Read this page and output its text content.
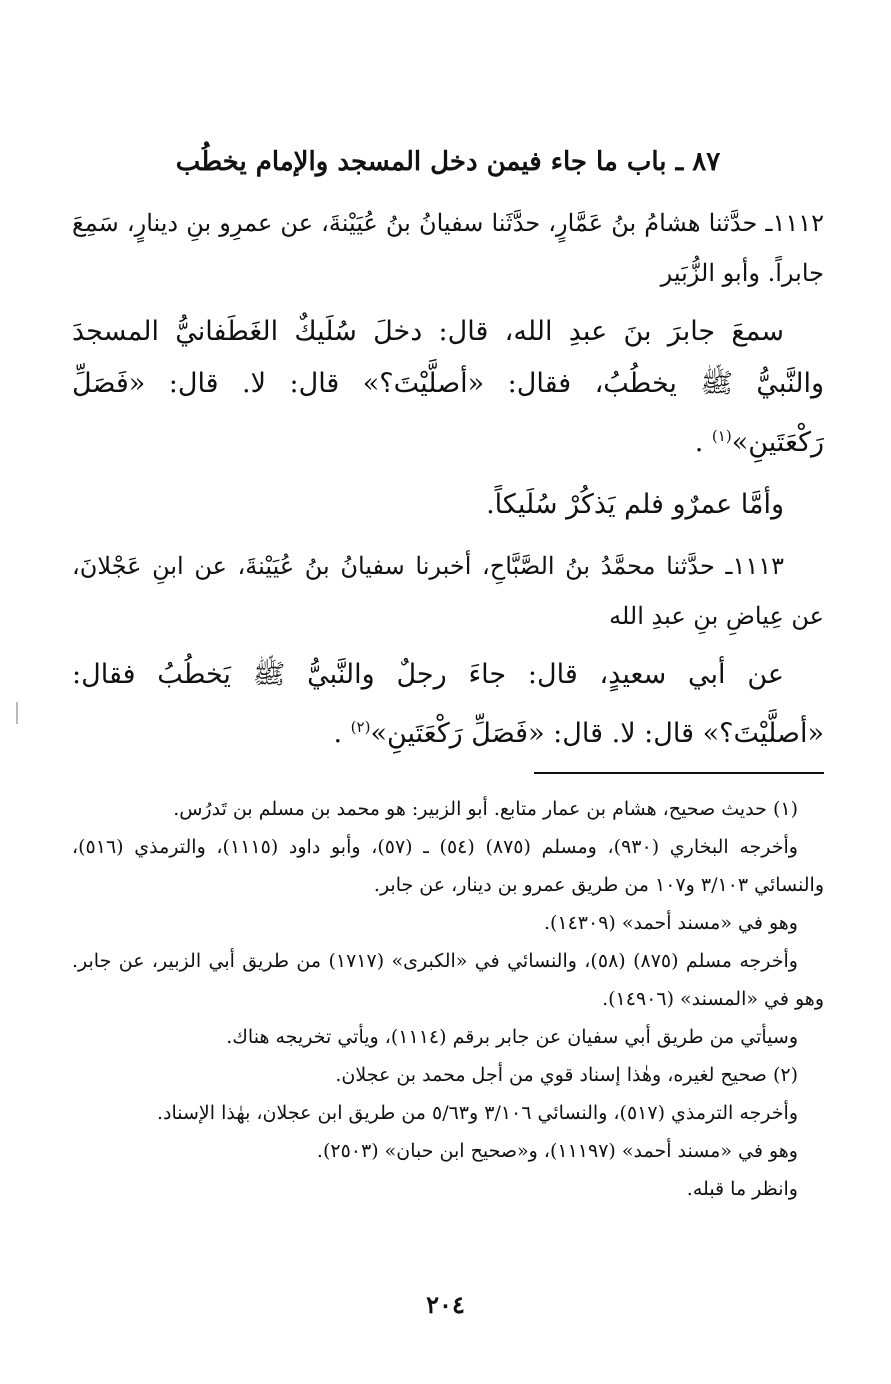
٨٧ ـ باب ما جاء فيمن دخل المسجد والإمام يخطُب

١١١٢ـ حدَّثنا هشامُ بنُ عَمَّارٍ، حدَّثَنا سفيانُ بنُ عُيَيْنةَ، عن عمرِو بنِ دينارٍ، سَمِعَ جابراً. وأبو الزُّبَير

سمعَ جابرَ بنَ عبدِ الله، قال: دخلَ سُلَيكٌ الغَطَفانيُّ المسجدَ والنَّبيُّ ﷺ يخطُبُ، فقال: «أصلَّيْتَ؟» قال: لا. قال: «فَصَلِّ رَكْعَتَينِ»$^{(١)}$ .

وأمَّا عمرٌو فلم يَذكُرْ سُلَيكاً.

١١١٣ـ حدَّثنا محمَّدُ بنُ الصَّبَّاحِ، أخبرنا سفيانُ بنُ عُيَيْنةَ، عن ابنِ عَجْلانَ، عن عِياضِ بنِ عبدِ الله

عن أبي سعيدٍ، قال: جاءَ رجلٌ والنَّبيُّ ﷺ يَخطُبُ فقال: «أصلَّيْتَ؟» قال: لا. قال: «فَصَلِّ رَكْعَتَينِ»$^{(٢)}$ .

(١) حديث صحيح، هشام بن عمار متابع. أبو الزبير: هو محمد بن مسلم بن تَدرُس.

وأخرجه البخاري (٩٣٠)، ومسلم (٨٧٥) (٥٤) ـ (٥٧)، وأبو داود (١١١٥)، والترمذي (٥١٦)، والنسائي ٣/١٠٣ و١٠٧ من طريق عمرو بن دينار، عن جابر.

وهو في «مسند أحمد» (١٤٣٠٩).

وأخرجه مسلم (٨٧٥) (٥٨)، والنسائي في «الكبرى» (١٧١٧) من طريق أبي الزبير، عن جابر. وهو في «المسند» (١٤٩٠٦).

وسيأتي من طريق أبي سفيان عن جابر برقم (١١١٤)، ويأتي تخريجه هناك.

(٢) صحيح لغيره، وهٰذا إسناد قوي من أجل محمد بن عجلان.

وأخرجه الترمذي (٥١٧)، والنسائي ٣/١٠٦ و٥/٦٣ من طريق ابن عجلان، بهٰذا الإسناد.

وهو في «مسند أحمد» (١١١٩٧)، و«صحيح ابن حبان» (٢٥٠٣).

وانظر ما قبله.

٢٠٤
